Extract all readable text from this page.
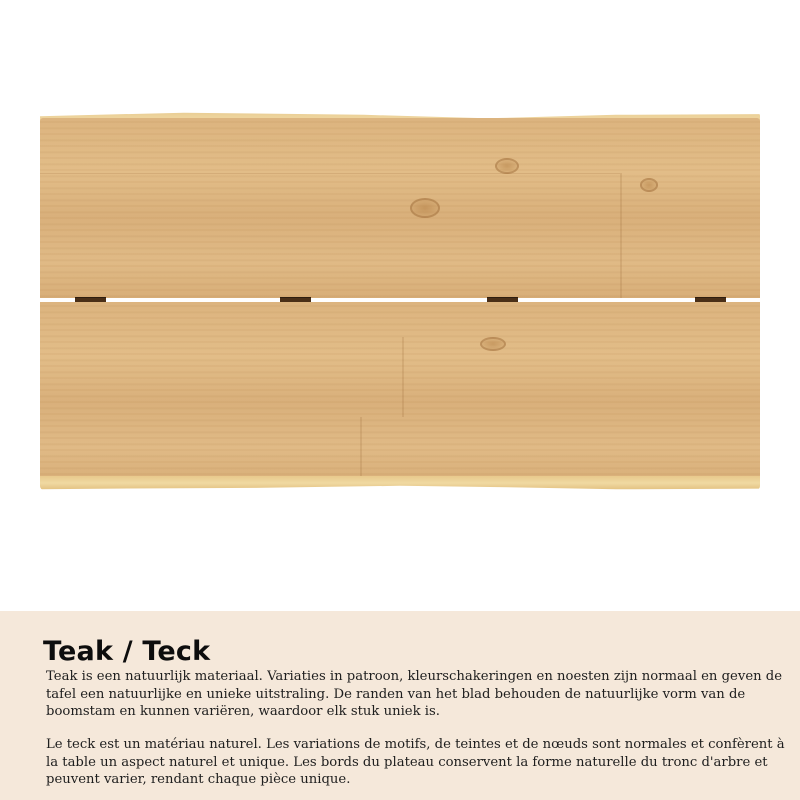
Teak / Teck

Teak is een natuurlijk materiaal. Variaties in patroon, kleurschakeringen en noesten zijn normaal en geven de tafel een natuurlijke en unieke uitstraling. De randen van het blad behouden de natuurlijke vorm van de boomstam en kunnen variëren, waardoor elk stuk uniek is.

Le teck est un matériau naturel. Les variations de motifs, de teintes et de nœuds sont normales et confèrent à la table un aspect naturel et unique. Les bords du plateau conservent la forme naturelle du tronc d'arbre et peuvent varier, rendant chaque pièce unique.
